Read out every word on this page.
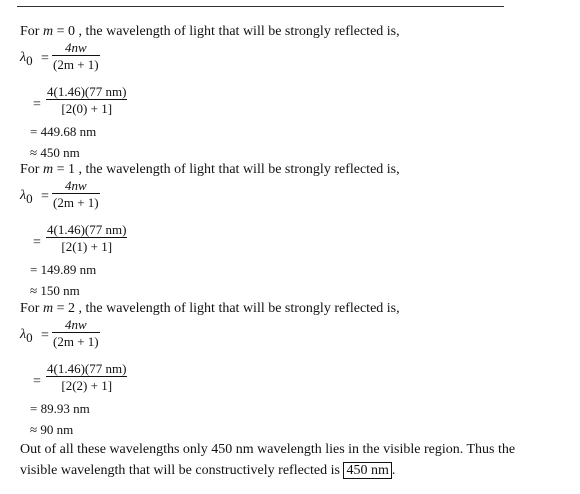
For m = 0 , the wavelength of light that will be strongly reflected is,
$\lambda_0 = \frac{4nw}{(2m + 1)}$
= $\frac{4(1.46)(77 nm)}{[2(0) + 1]}$
= 449.68 nm
≈ 450 nm
For m = 1 , the wavelength of light that will be strongly reflected is,
$\lambda_0 = \frac{4nw}{(2m + 1)}$
= $\frac{4(1.46)(77 nm)}{[2(1) + 1]}$
= 149.89 nm
≈ 150 nm
For m = 2 , the wavelength of light that will be strongly reflected is,
$\lambda_0 = \frac{4nw}{(2m + 1)}$
= $\frac{4(1.46)(77 nm)}{[2(2) + 1]}$
= 89.93 nm
≈ 90 nm
Out of all these wavelengths only 450 nm wavelength lies in the visible region. Thus the
visible wavelength that will be constructively reflected is 450 nm .
